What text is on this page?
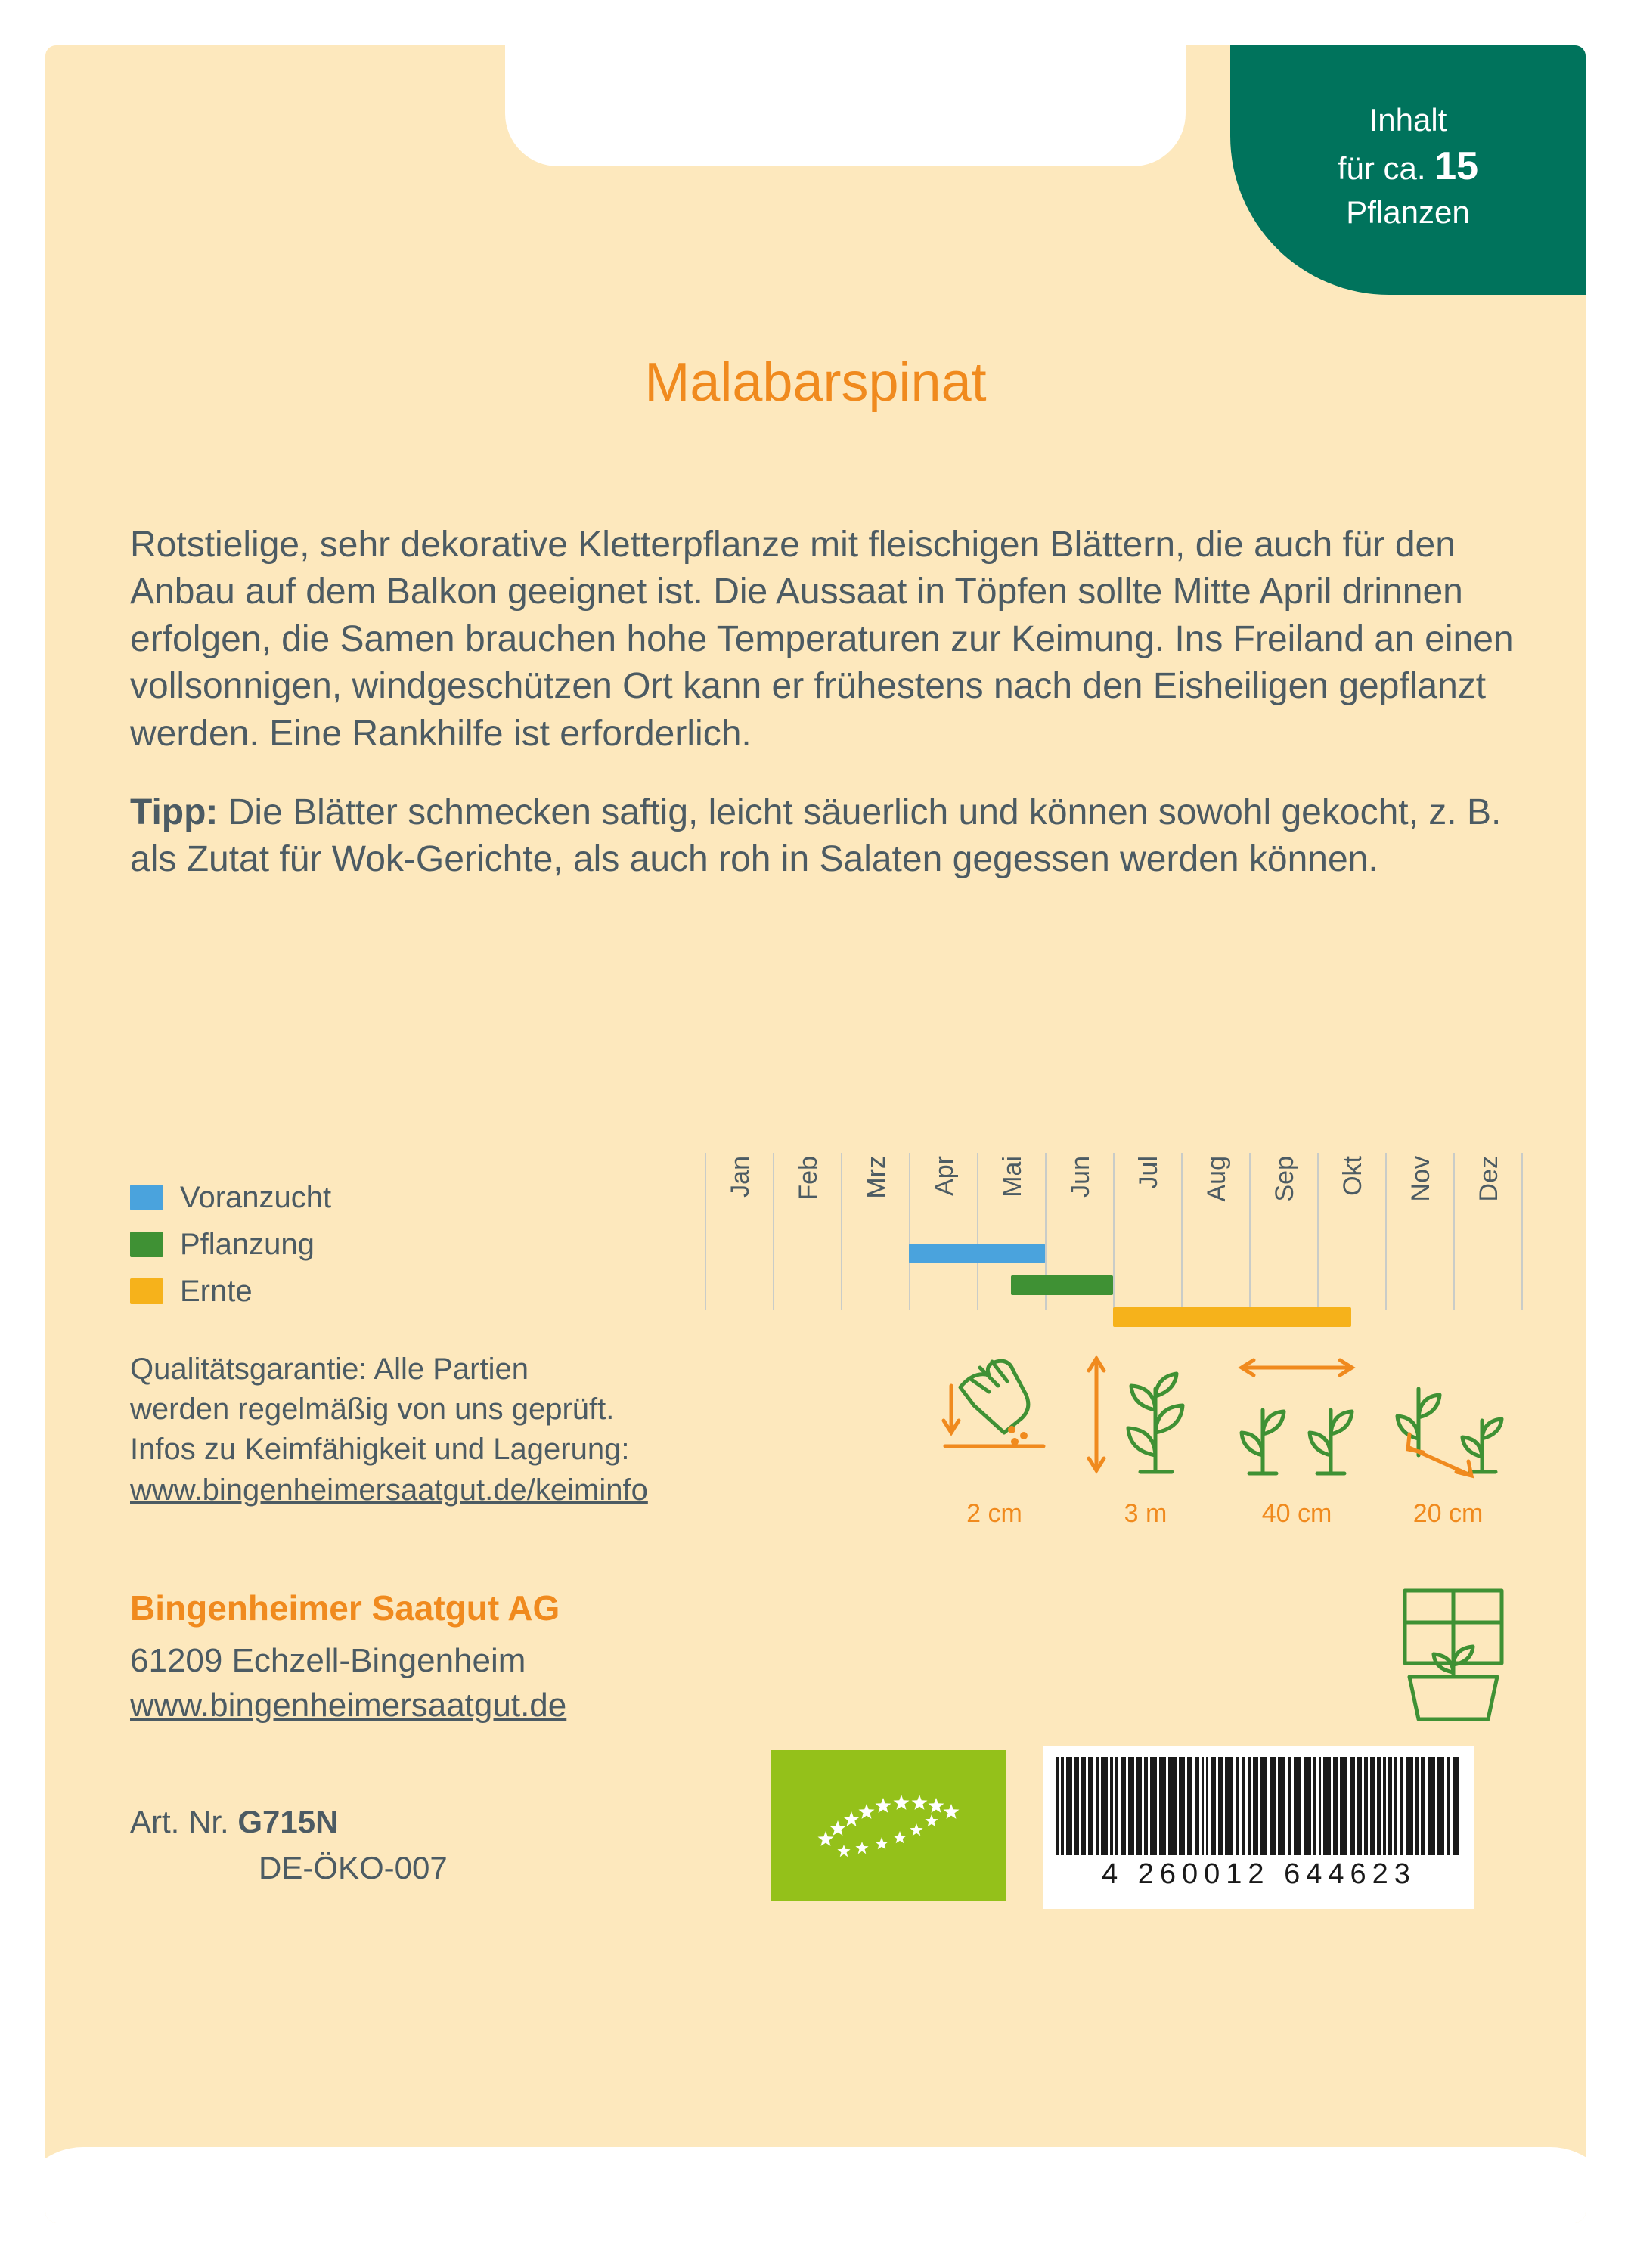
Inhalt
für ca. 15
Pflanzen
Malabarspinat

Rotstielige, sehr dekorative Kletterpflanze mit fleischigen Blättern, die auch für den Anbau auf dem Balkon geeignet ist. Die Aussaat in Töpfen sollte Mitte April drinnen erfolgen, die Samen brauchen hohe Temperaturen zur Keimung. Ins Freiland an einen vollsonnigen, windgeschützen Ort kann er frühestens nach den Eisheiligen gepflanzt werden. Eine Rankhilfe ist erforderlich.

Tipp: Die Blätter schmecken saftig, leicht säuerlich und können sowohl gekocht, z. B. als Zutat für Wok-Gerichte, als auch roh in Salaten gegessen werden können.

Voranzucht
Pflanzung
Ernte
Jan Feb Mrz Apr Mai Jun Jul Aug Sep Okt Nov Dez
Qualitätsgarantie: Alle Partien
werden regelmäßig von uns geprüft.
Infos zu Keimfähigkeit und Lagerung:
www.bingenheimersaatgut.de/keiminfo
2 cm	3 m	40 cm	20 cm
Bingenheimer Saatgut AG
61209 Echzell-Bingenheim
www.bingenheimersaatgut.de
Art. Nr. G715N
DE-ÖKO-007	4 260012 644623
